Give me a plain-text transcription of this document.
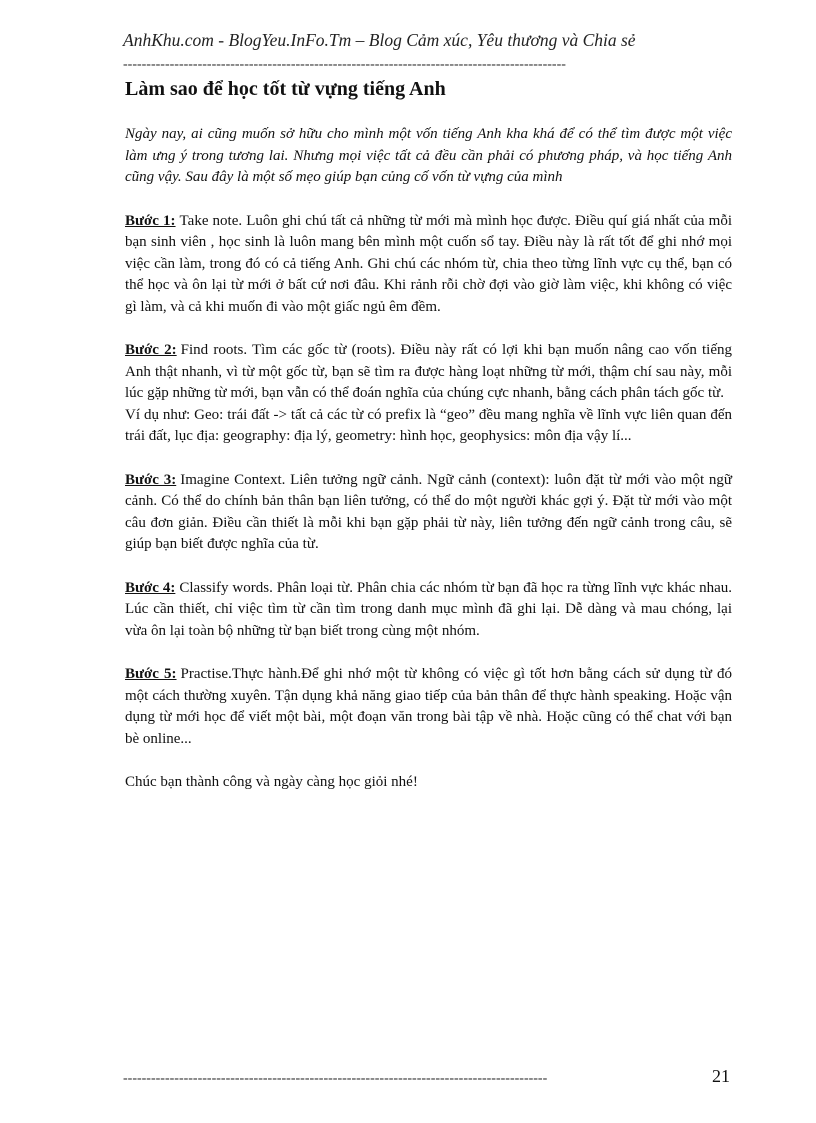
AnhKhu.com - BlogYeu.InFo.Tm – Blog Cảm xúc, Yêu thương và Chia sẻ
-----------------------------------------------------------------------------------------------
Làm sao để học tốt từ vựng tiếng Anh

Ngày nay, ai cũng muốn sở hữu cho mình một vốn tiếng Anh kha khá để có thể tìm được một việc làm ưng ý trong tương lai. Nhưng mọi việc tất cả đều cần phải có phương pháp, và học tiếng Anh cũng vậy. Sau đây là một số mẹo giúp bạn củng cố vốn từ vựng của mình

Bước 1: Take note. Luôn ghi chú tất cả những từ mới mà mình học được. Điều quí giá nhất của mỗi bạn sinh viên , học sinh là luôn mang bên mình một cuốn sổ tay. Điều này là rất tốt để ghi nhớ mọi việc cần làm, trong đó có cả tiếng Anh. Ghi chú các nhóm từ, chia theo từng lĩnh vực cụ thể, bạn có thể học và ôn lại từ mới ở bất cứ nơi đâu. Khi rảnh rỗi chờ đợi vào giờ làm việc, khi không có việc gì làm, và cả khi muốn đi vào một giấc ngủ êm đềm.

Bước 2: Find roots. Tìm các gốc từ (roots). Điều này rất có lợi khi bạn muốn nâng cao vốn tiếng Anh thật nhanh, vì từ một gốc từ, bạn sẽ tìm ra được hàng loạt những từ mới, thậm chí sau này, mỗi lúc gặp những từ mới, bạn vẫn có thể đoán nghĩa của chúng cực nhanh, bằng cách phân tách gốc từ.
Ví dụ như: Geo: trái đất -> tất cả các từ có prefix là “geo” đều mang nghĩa về lĩnh vực liên quan đến trái đất, lục địa: geography: địa lý, geometry: hình học, geophysics: môn địa vậy lí...

Bước 3: Imagine Context. Liên tưởng ngữ cảnh. Ngữ cảnh (context): luôn đặt từ mới vào một ngữ cảnh. Có thể do chính bản thân bạn liên tưởng, có thể do một người khác gợi ý. Đặt từ mới vào một câu đơn giản. Điều cần thiết là mỗi khi bạn gặp phải từ này, liên tưởng đến ngữ cảnh trong câu, sẽ giúp bạn biết được nghĩa của từ.

Bước 4: Classify words. Phân loại từ. Phân chia các nhóm từ bạn đã học ra từng lĩnh vực khác nhau. Lúc cần thiết, chỉ việc tìm từ cần tìm trong danh mục mình đã ghi lại. Dễ dàng và mau chóng, lại vừa ôn lại toàn bộ những từ bạn biết trong cùng một nhóm.

Bước 5: Practise.Thực hành.Để ghi nhớ một từ không có việc gì tốt hơn bằng cách sử dụng từ đó một cách thường xuyên. Tận dụng khả năng giao tiếp của bản thân để thực hành speaking. Hoặc vận dụng từ mới học để viết một bài, một đoạn văn trong bài tập về nhà. Hoặc cũng có thể chat với bạn bè online...

Chúc bạn thành công và ngày càng học giỏi nhé!

-------------------------------------------------------------------------------------------	21
